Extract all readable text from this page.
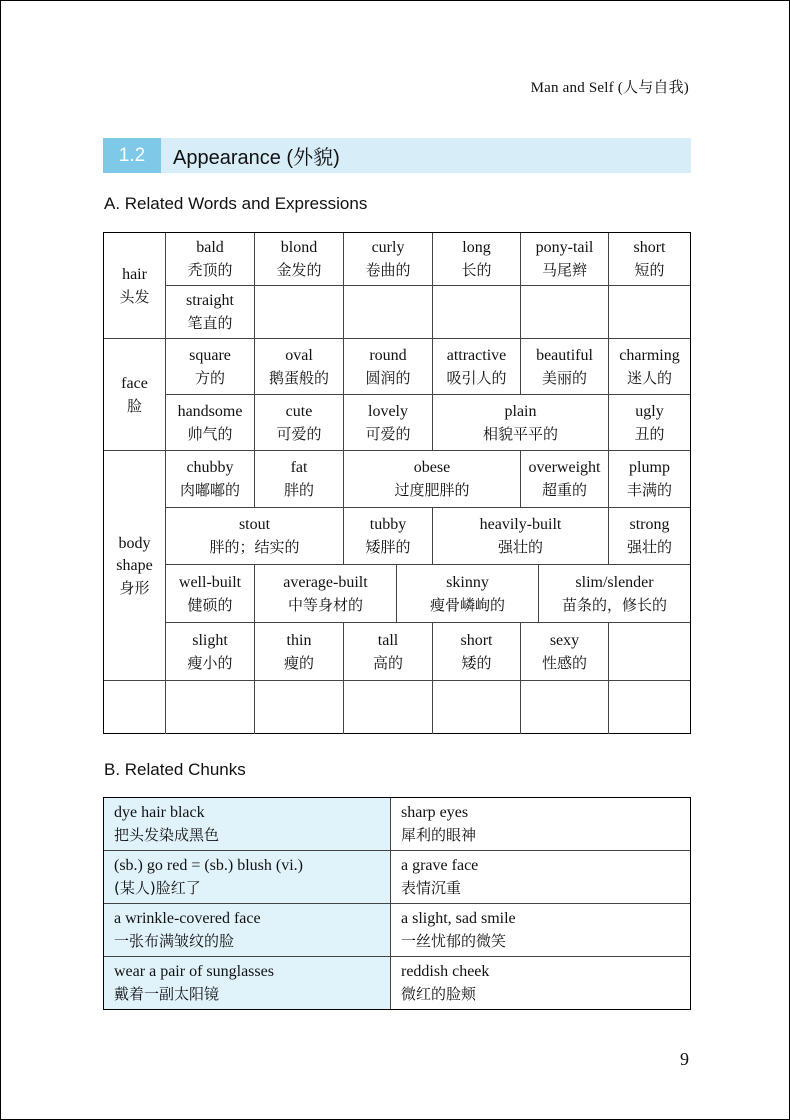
Man and Self (人与自我)
1.2	Appearance (外貌)
A. Related Words and Expressions
hair
头发
face
脸
body shape
身形
bald
秃顶的
blond
金发的
curly
卷曲的
long
长的
pony-tail
马尾辫
short
短的
straight
笔直的
square
方的
oval
鹅蛋般的
round
圆润的
attractive
吸引人的
beautiful
美丽的
charming
迷人的
handsome
帅气的
cute
可爱的
lovely
可爱的
plain
相貌平平的
ugly
丑的
chubby
肉嘟嘟的
fat
胖的
obese
过度肥胖的
overweight
超重的
plump
丰满的
stout
胖的；结实的
tubby
矮胖的
heavily-built
强壮的
strong
强壮的
well-built
健硕的
average-built
中等身材的
skinny
瘦骨嶙峋的
slim/slender
苗条的，修长的
slight
瘦小的
thin
瘦的
tall
高的
short
矮的
sexy
性感的
B. Related Chunks
dye hair black
把头发染成黑色
sharp eyes
犀利的眼神
(sb.) go red = (sb.) blush (vi.)
(某人)脸红了
a grave face
表情沉重
a wrinkle-covered face
一张布满皱纹的脸
a slight, sad smile
一丝忧郁的微笑
wear a pair of sunglasses
戴着一副太阳镜
reddish cheek
微红的脸颊
9
